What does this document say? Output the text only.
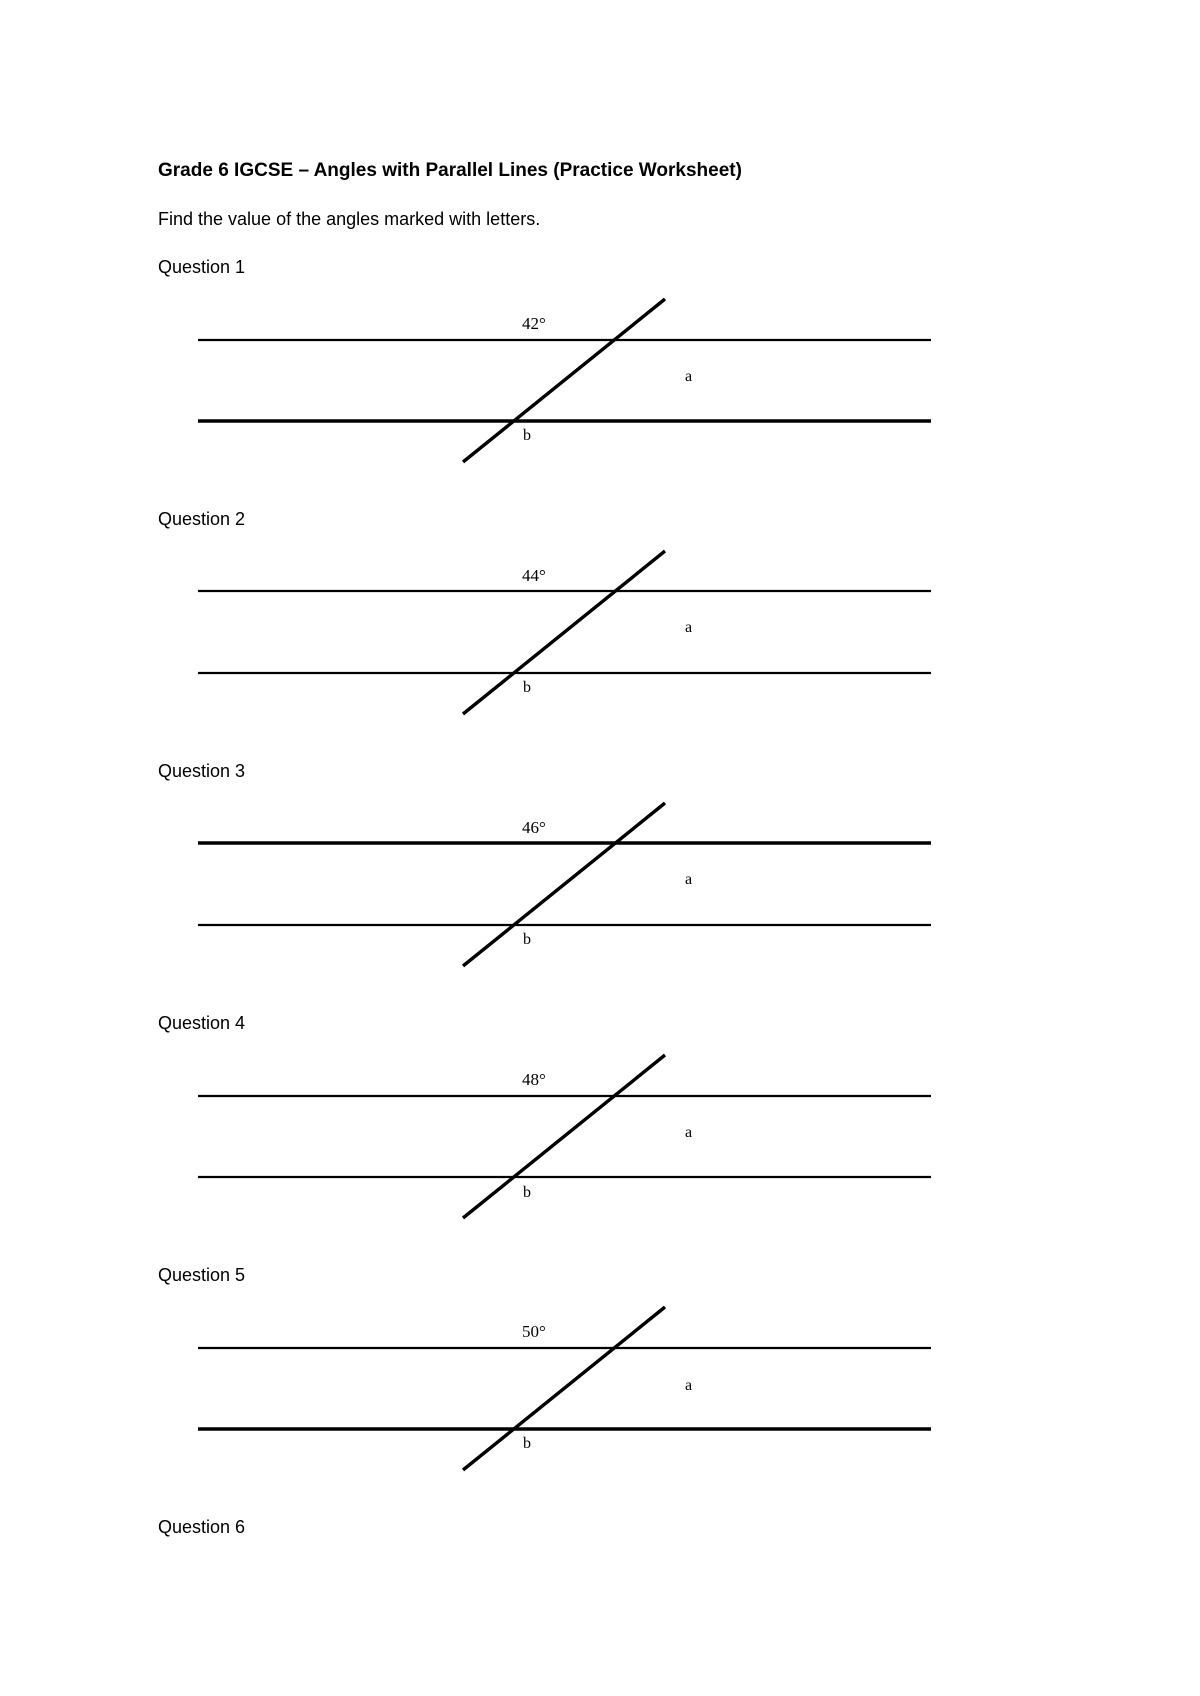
Grade 6 IGCSE – Angles with Parallel Lines (Practice Worksheet)
Find the value of the angles marked with letters.
Question 1
42°
a
b
Question 2
44°
a
b
Question 3
46°
a
b
Question 4
48°
a
b
Question 5
50°
a
b
Question 6
